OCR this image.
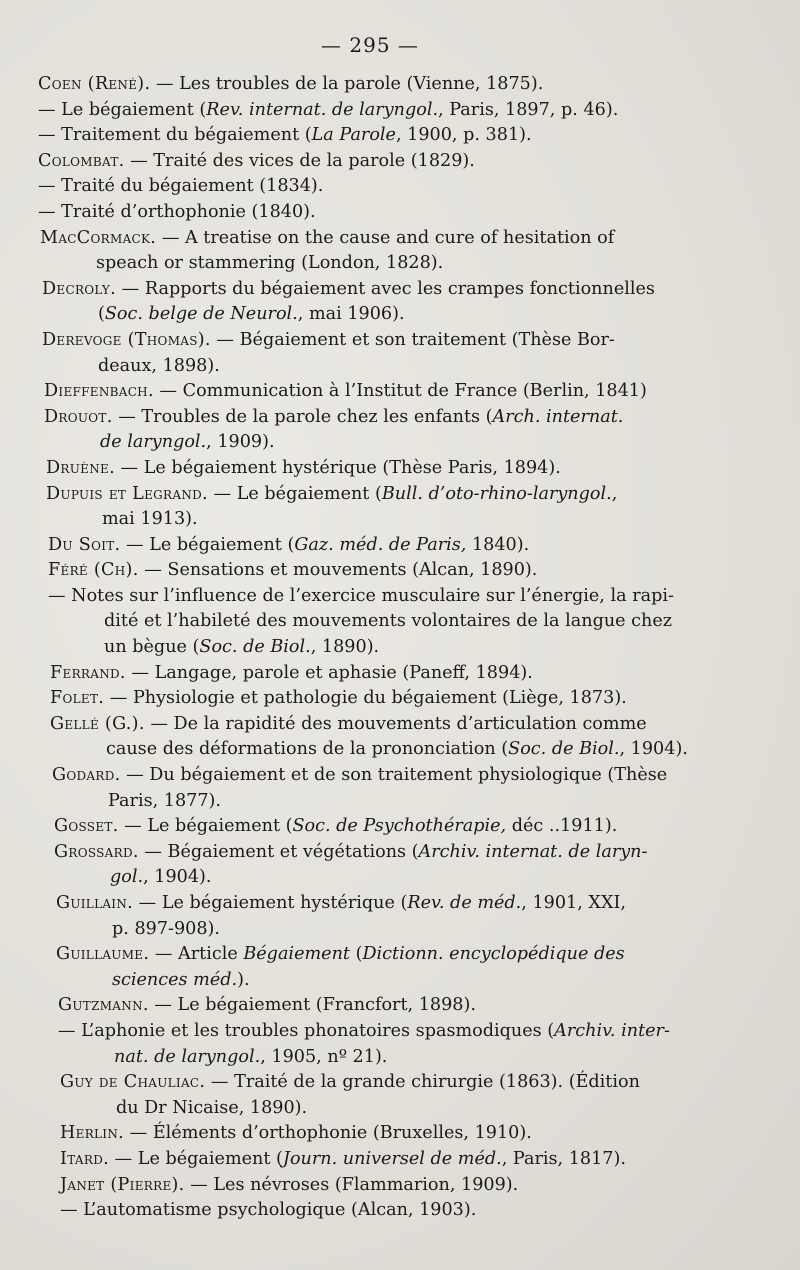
— 295 —
Coen (René). — Les troubles de la parole (Vienne, 1875).
— Le bégaiement (Rev. internat. de laryngol., Paris, 1897, p. 46).
— Traitement du bégaiement (La Parole, 1900, p. 381).
Colombat. — Traité des vices de la parole (1829).
— Traité du bégaiement (1834).
— Traité d’orthophonie (1840).
MacCormack. — A treatise on the cause and cure of hesitation of
speach or stammering (London, 1828).
Decroly. — Rapports du bégaiement avec les crampes fonctionnelles
(Soc. belge de Neurol., mai 1906).
Derevoge (Thomas). — Bégaiement et son traitement (Thèse Bor-
deaux, 1898).
Dieffenbach. — Communication à l’Institut de France (Berlin, 1841)
Drouot. — Troubles de la parole chez les enfants (Arch. internat.
de laryngol., 1909).
Druène. — Le bégaiement hystérique (Thèse Paris, 1894).
Dupuis et Legrand. — Le bégaiement (Bull. d’oto-rhino-laryngol.,
mai 1913).
Du Soit. — Le bégaiement (Gaz. méd. de Paris, 1840).
Féré (Ch). — Sensations et mouvements (Alcan, 1890).
— Notes sur l’influence de l’exercice musculaire sur l’énergie, la rapi-
dité et l’habileté des mouvements volontaires de la langue chez
un bègue (Soc. de Biol., 1890).
Ferrand. — Langage, parole et aphasie (Paneff, 1894).
Folet. — Physiologie et pathologie du bégaiement (Liège, 1873).
Gellé (G.). — De la rapidité des mouvements d’articulation comme
cause des déformations de la prononciation (Soc. de Biol., 1904).
Godard. — Du bégaiement et de son traitement physiologique (Thèse
Paris, 1877).
Gosset. — Le bégaiement (Soc. de Psychothérapie, déc ..1911).
Grossard. — Bégaiement et végétations (Archiv. internat. de laryn-
gol., 1904).
Guillain. — Le bégaiement hystérique (Rev. de méd., 1901, XXI,
p. 897-908).
Guillaume. — Article Bégaiement (Dictionn. encyclopédique des
sciences méd.).
Gutzmann. — Le bégaiement (Francfort, 1898).
— L’aphonie et les troubles phonatoires spasmodiques (Archiv. inter-
nat. de laryngol., 1905, nº 21).
Guy de Chauliac. — Traité de la grande chirurgie (1863). (Édition
du Dr Nicaise, 1890).
Herlin. — Éléments d’orthophonie (Bruxelles, 1910).
Itard. — Le bégaiement (Journ. universel de méd., Paris, 1817).
Janet (Pierre). — Les névroses (Flammarion, 1909).
— L’automatisme psychologique (Alcan, 1903).
